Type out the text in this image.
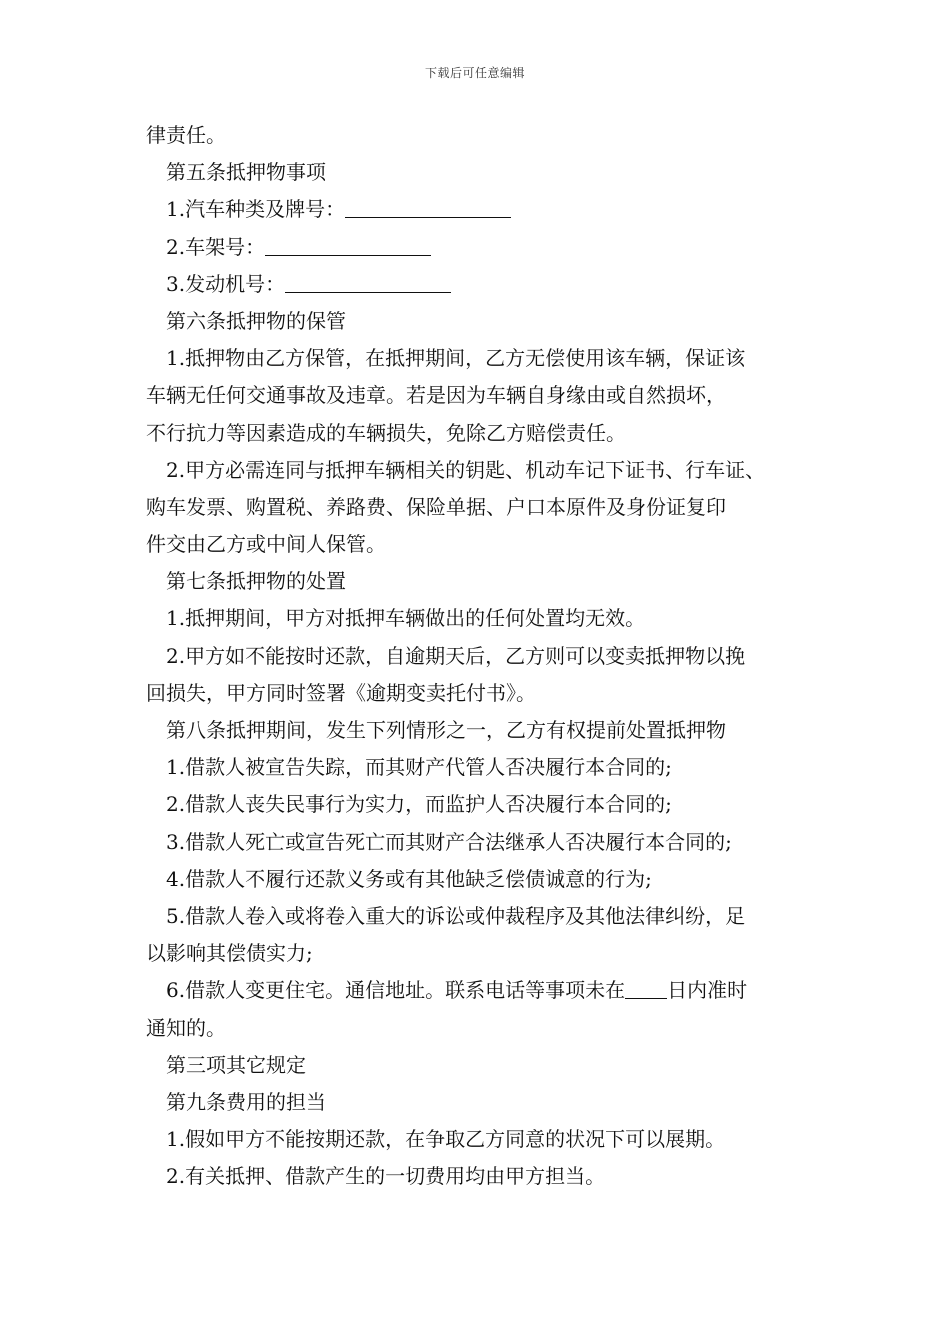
下载后可任意编辑
律责任。
第五条抵押物事项
1.汽车种类及牌号：
2.车架号：
3.发动机号：
第六条抵押物的保管
1.抵押物由乙方保管，在抵押期间，乙方无偿使用该车辆，保证该
车辆无任何交通事故及违章。若是因为车辆自身缘由或自然损坏，
不行抗力等因素造成的车辆损失，免除乙方赔偿责任。
2.甲方必需连同与抵押车辆相关的钥匙、机动车记下证书、行车证、
购车发票、购置税、养路费、保险单据、户口本原件及身份证复印
件交由乙方或中间人保管。
第七条抵押物的处置
1.抵押期间，甲方对抵押车辆做出的任何处置均无效。
2.甲方如不能按时还款，自逾期天后，乙方则可以变卖抵押物以挽
回损失，甲方同时签署《逾期变卖托付书》。
第八条抵押期间，发生下列情形之一，乙方有权提前处置抵押物
1.借款人被宣告失踪，而其财产代管人否决履行本合同的;
2.借款人丧失民事行为实力，而监护人否决履行本合同的;
3.借款人死亡或宣告死亡而其财产合法继承人否决履行本合同的;
4.借款人不履行还款义务或有其他缺乏偿债诚意的行为;
5.借款人卷入或将卷入重大的诉讼或仲裁程序及其他法律纠纷，足
以影响其偿债实力;
6.借款人变更住宅。通信地址。联系电话等事项未在 日内准时
通知的。
第三项其它规定
第九条费用的担当
1.假如甲方不能按期还款，在争取乙方同意的状况下可以展期。
2.有关抵押、借款产生的一切费用均由甲方担当。
